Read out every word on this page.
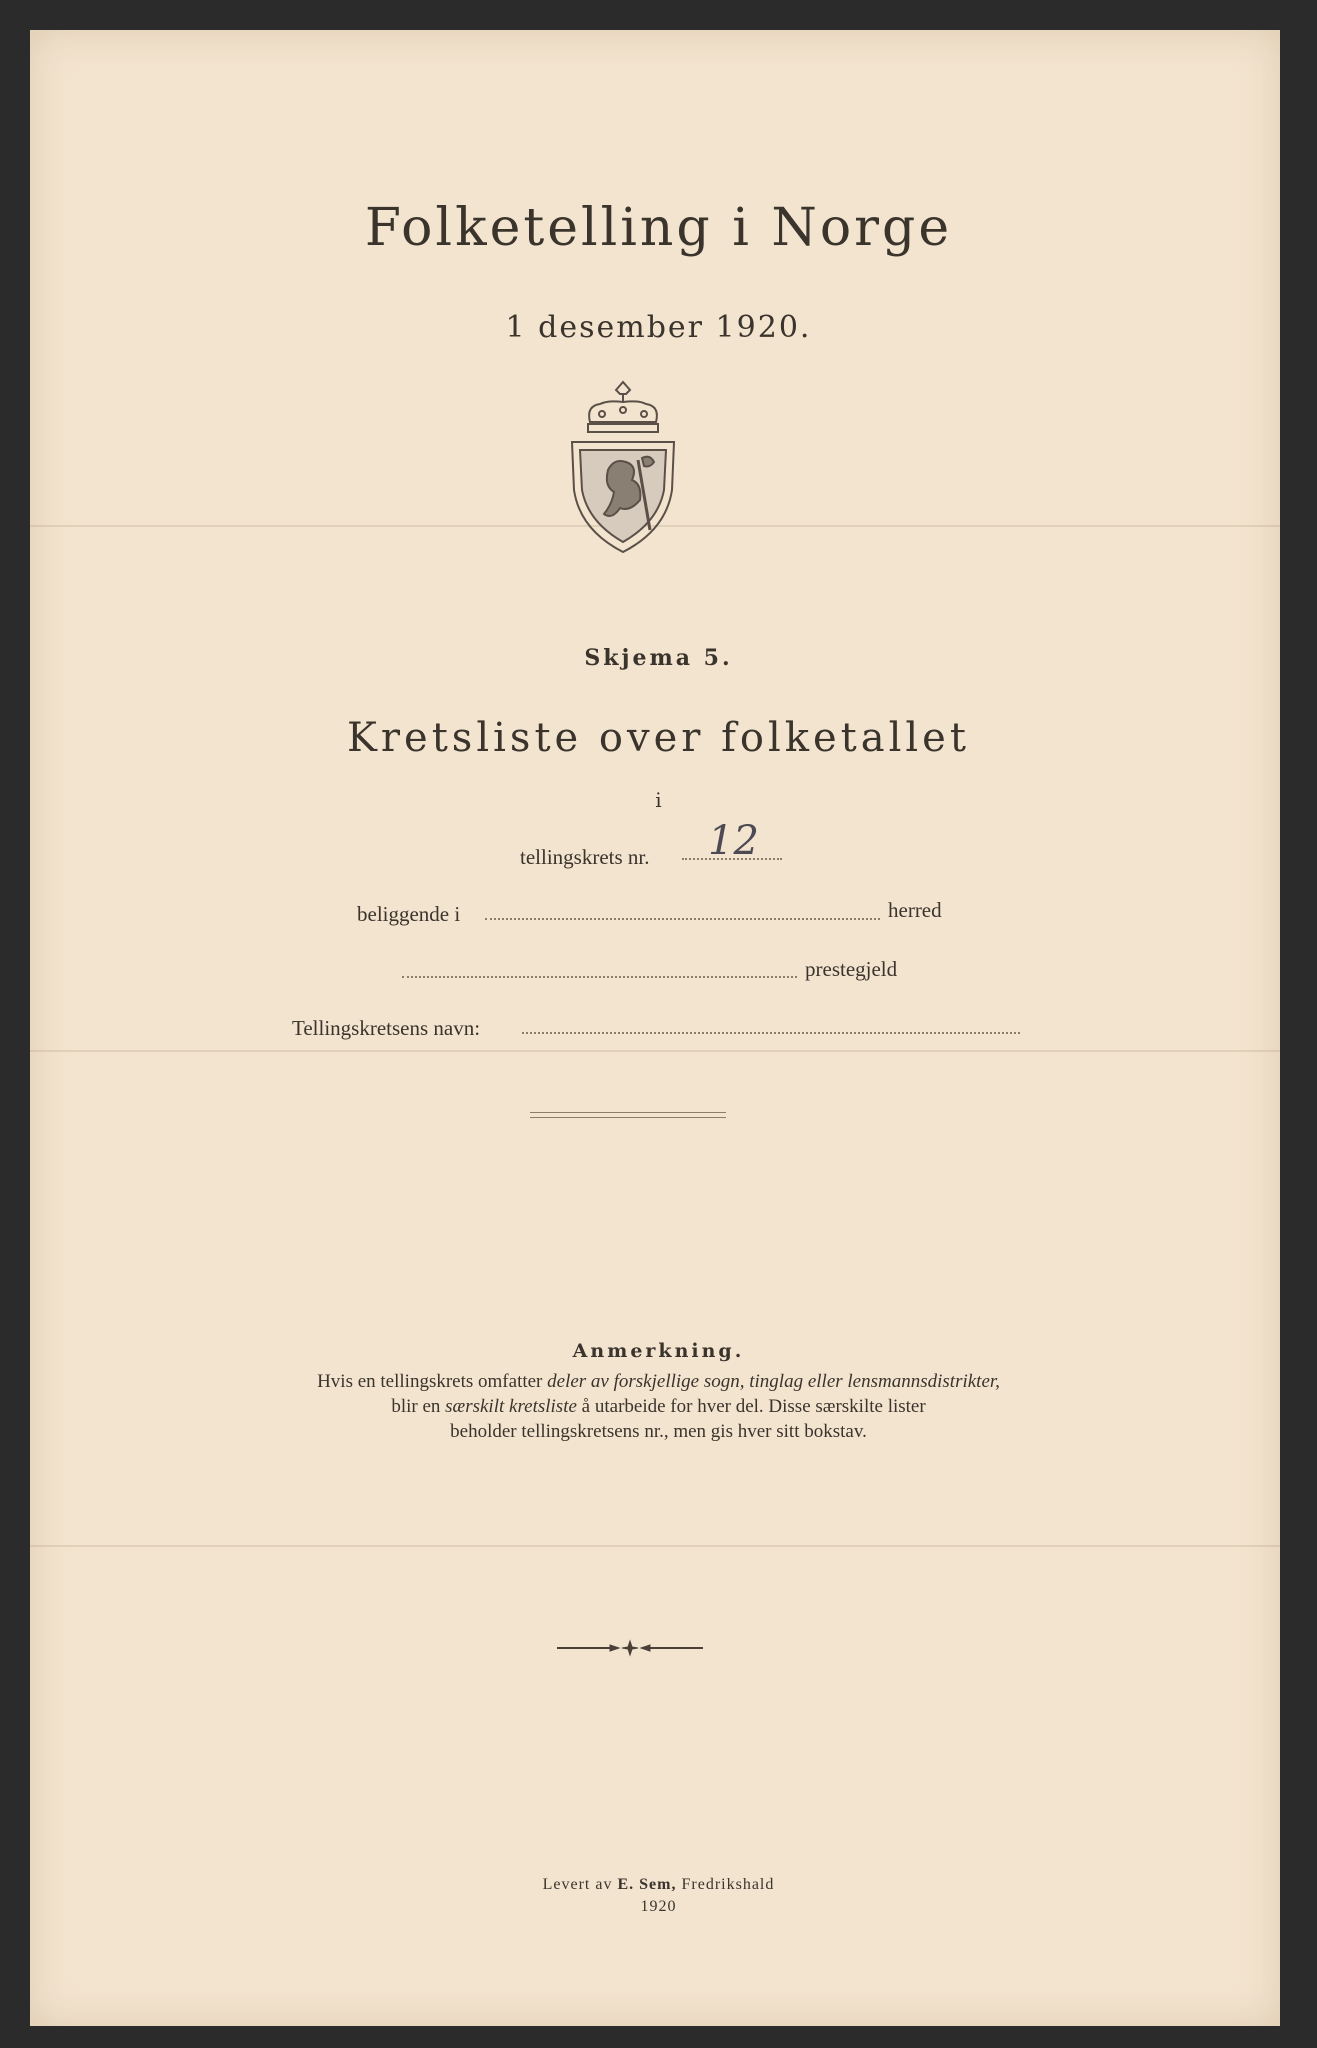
Folketelling i Norge
1 desember 1920.
Skjema 5.
Kretsliste over folketallet
i
tellingskrets nr. 12
beliggende i	herred
prestegjeld
Tellingskretsens navn:
Anmerkning.
Hvis en tellingskrets omfatter deler av forskjellige sogn, tinglag eller lensmannsdistrikter,
blir en særskilt kretsliste å utarbeide for hver del. Disse særskilte lister
beholder tellingskretsens nr., men gis hver sitt bokstav.
Levert av E. Sem, Fredrikshald
1920
